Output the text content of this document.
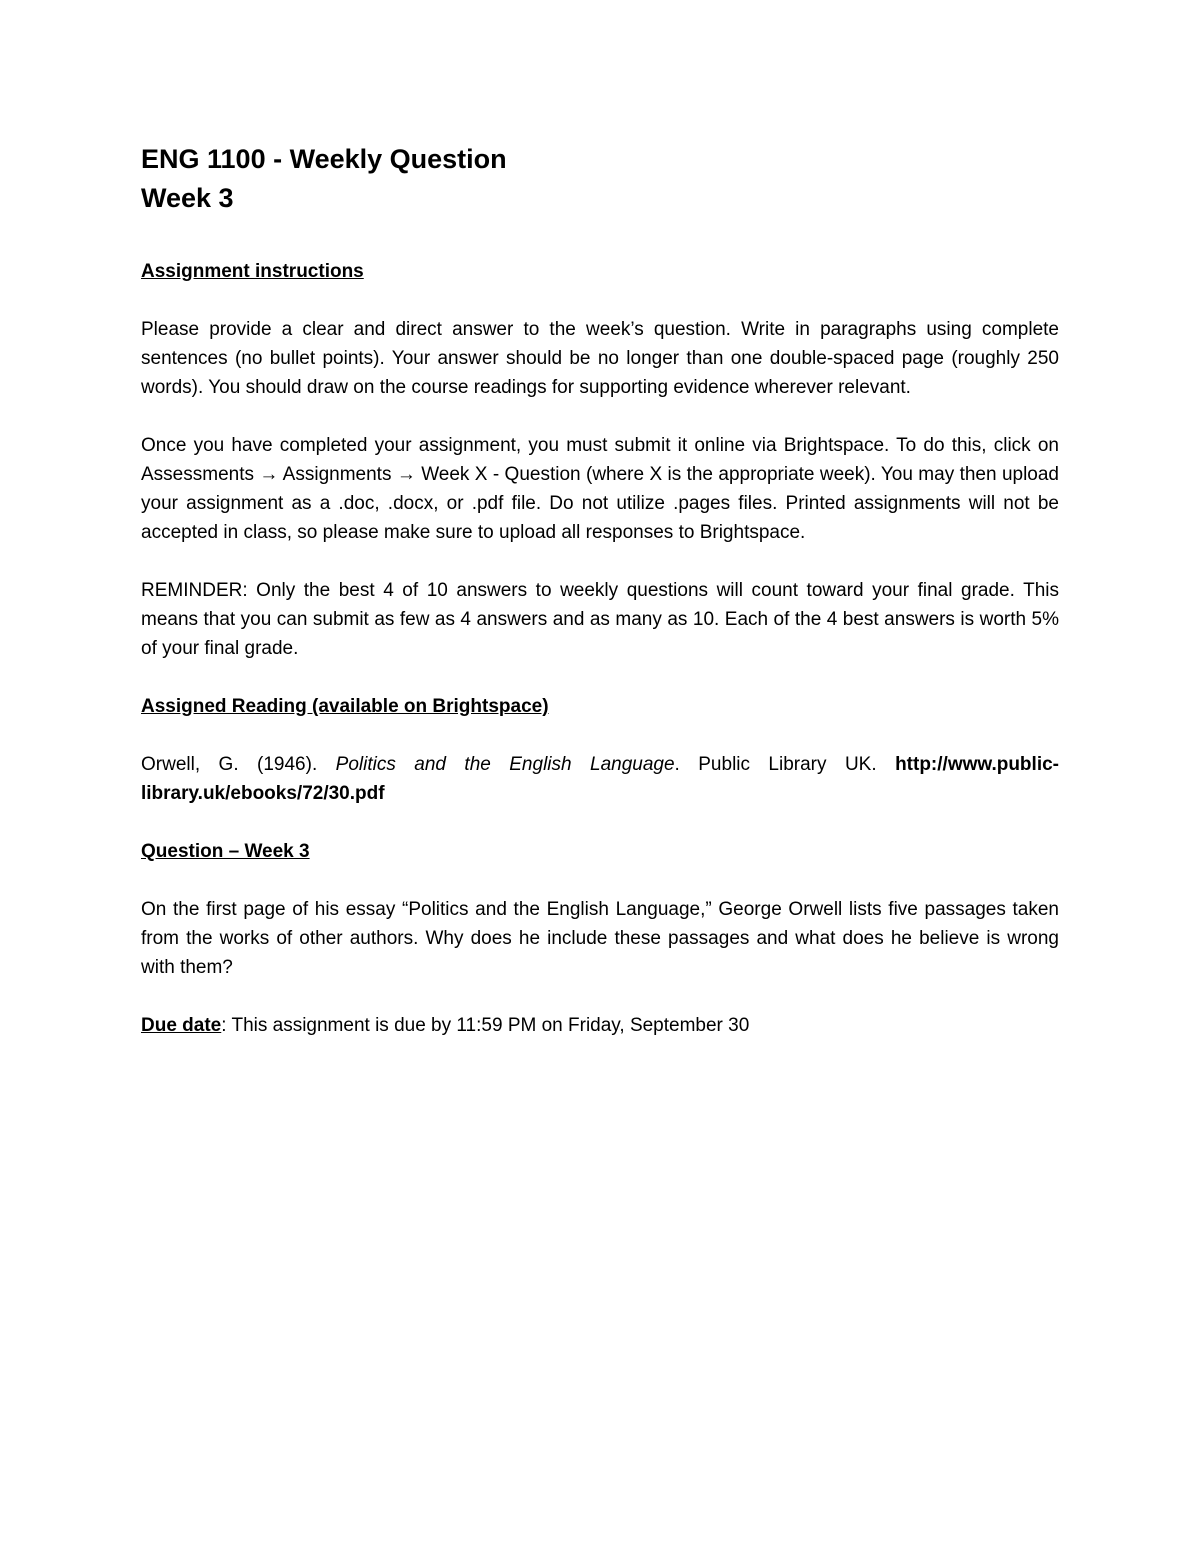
ENG 1100 - Weekly Question
Week 3
Assignment instructions

Please provide a clear and direct answer to the week’s question. Write in paragraphs using complete sentences (no bullet points). Your answer should be no longer than one double-spaced page (roughly 250 words). You should draw on the course readings for supporting evidence wherever relevant.

Once you have completed your assignment, you must submit it online via Brightspace. To do this, click on Assessments → Assignments → Week X - Question (where X is the appropriate week). You may then upload your assignment as a .doc, .docx, or .pdf file. Do not utilize .pages files. Printed assignments will not be accepted in class, so please make sure to upload all responses to Brightspace.

REMINDER: Only the best 4 of 10 answers to weekly questions will count toward your final grade. This means that you can submit as few as 4 answers and as many as 10. Each of the 4 best answers is worth 5% of your final grade.

Assigned Reading (available on Brightspace)

Orwell, G. (1946). Politics and the English Language. Public Library UK. http://www.public-library.uk/ebooks/72/30.pdf

Question – Week 3

On the first page of his essay “Politics and the English Language,” George Orwell lists five passages taken from the works of other authors. Why does he include these passages and what does he believe is wrong with them?

Due date: This assignment is due by 11:59 PM on Friday, September 30
